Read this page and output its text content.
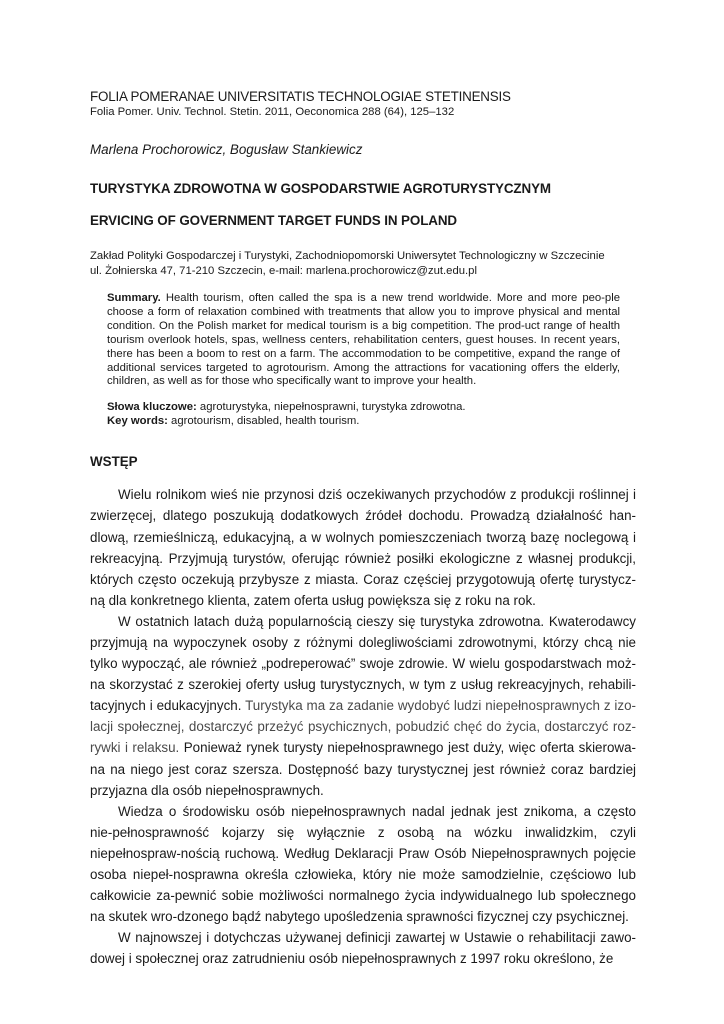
FOLIA POMERANAE UNIVERSITATIS TECHNOLOGIAE STETINENSIS

Folia Pomer. Univ. Technol. Stetin. 2011, Oeconomica 288 (64), 125–132

Marlena Prochorowicz, Bogusław Stankiewicz

TURYSTYKA ZDROWOTNA W GOSPODARSTWIE AGROTURYSTYCZNYM

ERVICING OF GOVERNMENT TARGET FUNDS IN POLAND

Zakład Polityki Gospodarczej i Turystyki, Zachodniopomorski Uniwersytet Technologiczny w Szczecinie
ul. Żołnierska 47, 71-210 Szczecin, e-mail: marlena.prochorowicz@zut.edu.pl
Summary. Health tourism, often called the spa is a new trend worldwide. More and more peo-ple choose a form of relaxation combined with treatments that allow you to improve physical and mental condition. On the Polish market for medical tourism is a big competition. The prod-uct range of health tourism overlook hotels, spas, wellness centers, rehabilitation centers, guest houses. In recent years, there has been a boom to rest on a farm. The accommodation to be competitive, expand the range of additional services targeted to agrotourism. Among the attractions for vacationing offers the elderly, children, as well as for those who specifically want to improve your health.
Słowa kluczowe: agroturystyka, niepełnosprawni, turystyka zdrowotna.
Key words: agrotourism, disabled, health tourism.

WSTĘP

Wielu rolnikom wieś nie przynosi dziś oczekiwanych przychodów z produkcji roślinnej i zwierzęcej, dlatego poszukują dodatkowych źródeł dochodu. Prowadzą działalność han-dlową, rzemieślniczą, edukacyjną, a w wolnych pomieszczeniach tworzą bazę noclegową i rekreacyjną. Przyjmują turystów, oferując również posiłki ekologiczne z własnej produkcji, których często oczekują przybysze z miasta. Coraz częściej przygotowują ofertę turystycz-ną dla konkretnego klienta, zatem oferta usług powiększa się z roku na rok.

W ostatnich latach dużą popularnością cieszy się turystyka zdrowotna. Kwaterodawcy przyjmują na wypoczynek osoby z różnymi dolegliwościami zdrowotnymi, którzy chcą nie tylko wypocząć, ale również „podreperować” swoje zdrowie. W wielu gospodarstwach moż-na skorzystać z szerokiej oferty usług turystycznych, w tym z usług rekreacyjnych, rehabili-tacyjnych i edukacyjnych. Turystyka ma za zadanie wydobyć ludzi niepełnosprawnych z izo-lacji społecznej, dostarczyć przeżyć psychicznych, pobudzić chęć do życia, dostarczyć roz-rywki i relaksu. Ponieważ rynek turysty niepełnosprawnego jest duży, więc oferta skierowa-na na niego jest coraz szersza. Dostępność bazy turystycznej jest również coraz bardziej przyjazna dla osób niepełnosprawnych.

Wiedza o środowisku osób niepełnosprawnych nadal jednak jest znikoma, a często nie-pełnosprawność kojarzy się wyłącznie z osobą na wózku inwalidzkim, czyli niepełnospraw-nością ruchową. Według Deklaracji Praw Osób Niepełnosprawnych pojęcie osoba niepeł-nosprawna określa człowieka, który nie może samodzielnie, częściowo lub całkowicie za-pewnić sobie możliwości normalnego życia indywidualnego lub społecznego na skutek wro-dzonego bądź nabytego upośledzenia sprawności fizycznej czy psychicznej.

W najnowszej i dotychczas używanej definicji zawartej w Ustawie o rehabilitacji zawo-dowej i społecznej oraz zatrudnieniu osób niepełnosprawnych z 1997 roku określono, że
